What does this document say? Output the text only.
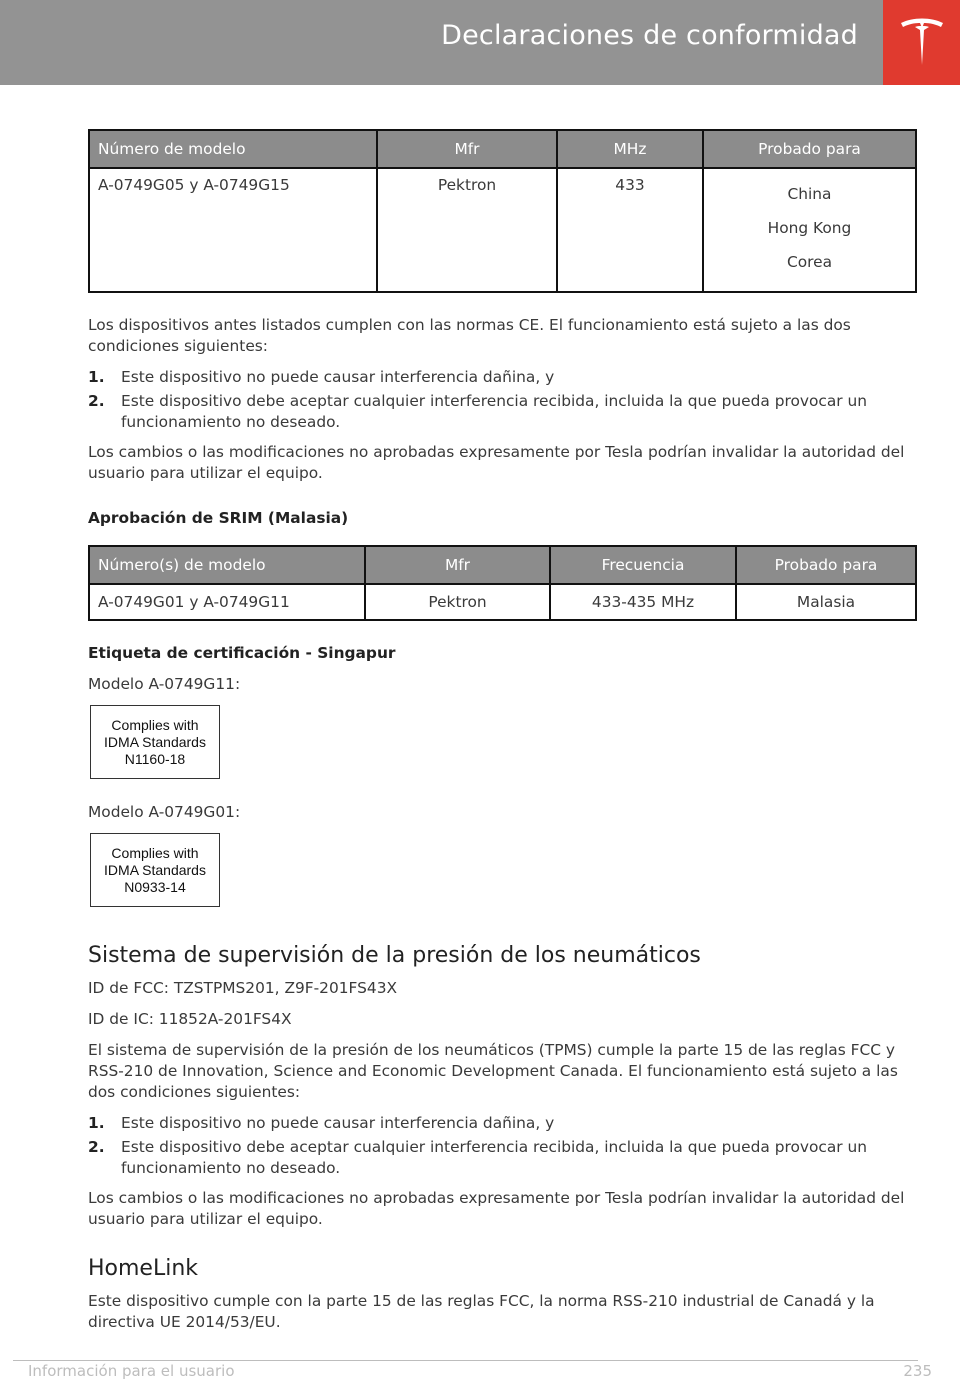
Declaraciones de conformidad
Número de modelo	Mfr	MHz	Probado para
A-0749G05 y A-0749G15	Pektron	433	China
Hong Kong
Corea

Los dispositivos antes listados cumplen con las normas CE. El funcionamiento está sujeto a las dos condiciones siguientes:

1.	Este dispositivo no puede causar interferencia dañina, y
2.	Este dispositivo debe aceptar cualquier interferencia recibida, incluida la que pueda provocar un funcionamiento no deseado.

Los cambios o las modificaciones no aprobadas expresamente por Tesla podrían invalidar la autoridad del usuario para utilizar el equipo.

Aprobación de SRIM (Malasia)
Número(s) de modelo	Mfr	Frecuencia	Probado para
A-0749G01 y A-0749G11	Pektron	433-435 MHz	Malasia
Etiqueta de certificación - Singapur

Modelo A-0749G11:

Complies with
IDMA Standards
N1160-18

Modelo A-0749G01:

Complies with
IDMA Standards
N0933-14
Sistema de supervisión de la presión de los neumáticos

ID de FCC: TZSTPMS201, Z9F-201FS43X

ID de IC: 11852A-201FS4X

El sistema de supervisión de la presión de los neumáticos (TPMS) cumple la parte 15 de las reglas FCC y RSS-210 de Innovation, Science and Economic Development Canada. El funcionamiento está sujeto a las dos condiciones siguientes:

1.	Este dispositivo no puede causar interferencia dañina, y
2.	Este dispositivo debe aceptar cualquier interferencia recibida, incluida la que pueda provocar un funcionamiento no deseado.

Los cambios o las modificaciones no aprobadas expresamente por Tesla podrían invalidar la autoridad del usuario para utilizar el equipo.

HomeLink

Este dispositivo cumple con la parte 15 de las reglas FCC, la norma RSS-210 industrial de Canadá y la directiva UE 2014/53/EU.

Información para el usuario	235
